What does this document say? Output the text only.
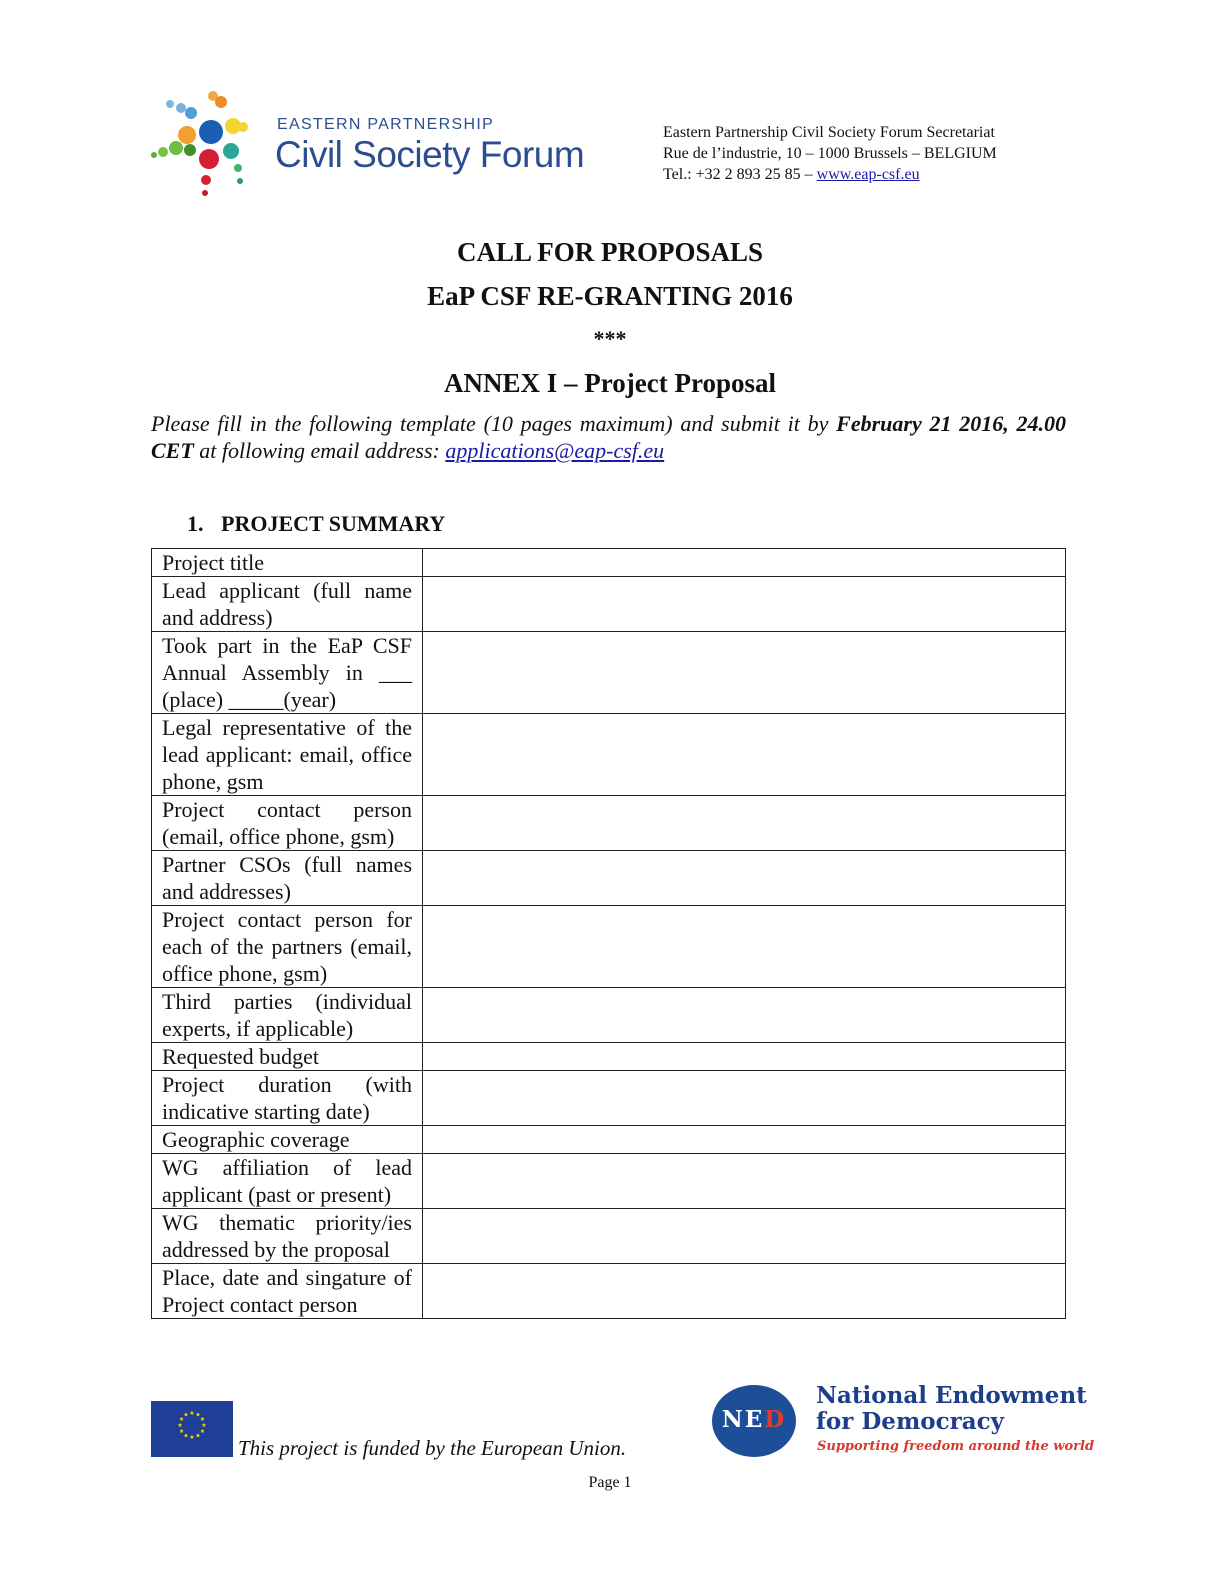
EASTERN PARTNERSHIP
Civil Society Forum
Eastern Partnership Civil Society Forum Secretariat
Rue de l’industrie, 10 – 1000 Brussels – BELGIUM
Tel.: +32 2 893 25 85 – www.eap-csf.eu
CALL FOR PROPOSALS
EaP CSF RE-GRANTING 2016
***
ANNEX I – Project Proposal
Please fill in the following template (10 pages maximum) and submit it by February 21 2016, 24.00 CET at following email address: applications@eap-csf.eu
1. PROJECT SUMMARY
Project title	
Lead applicant (full name and address)	
Took part in the EaP CSF Annual Assembly in ___ (place) _____(year)	
Legal representative of the lead applicant: email, office phone, gsm	
Project contact person (email, office phone, gsm)	
Partner CSOs (full names and addresses)	
Project contact person for each of the partners (email, office phone, gsm)	
Third parties (individual experts, if applicable)	
Requested budget	
Project duration (with indicative starting date)	
Geographic coverage	
WG affiliation of lead applicant (past or present)	
WG thematic priority/ies addressed by the proposal	
Place, date and singature of Project contact person	
★ ★
★
★
★
★
★
★
★
★
★
★
This project is funded by the European Union.
NED
National Endowment
for Democracy
Supporting freedom around the world
Page 1
